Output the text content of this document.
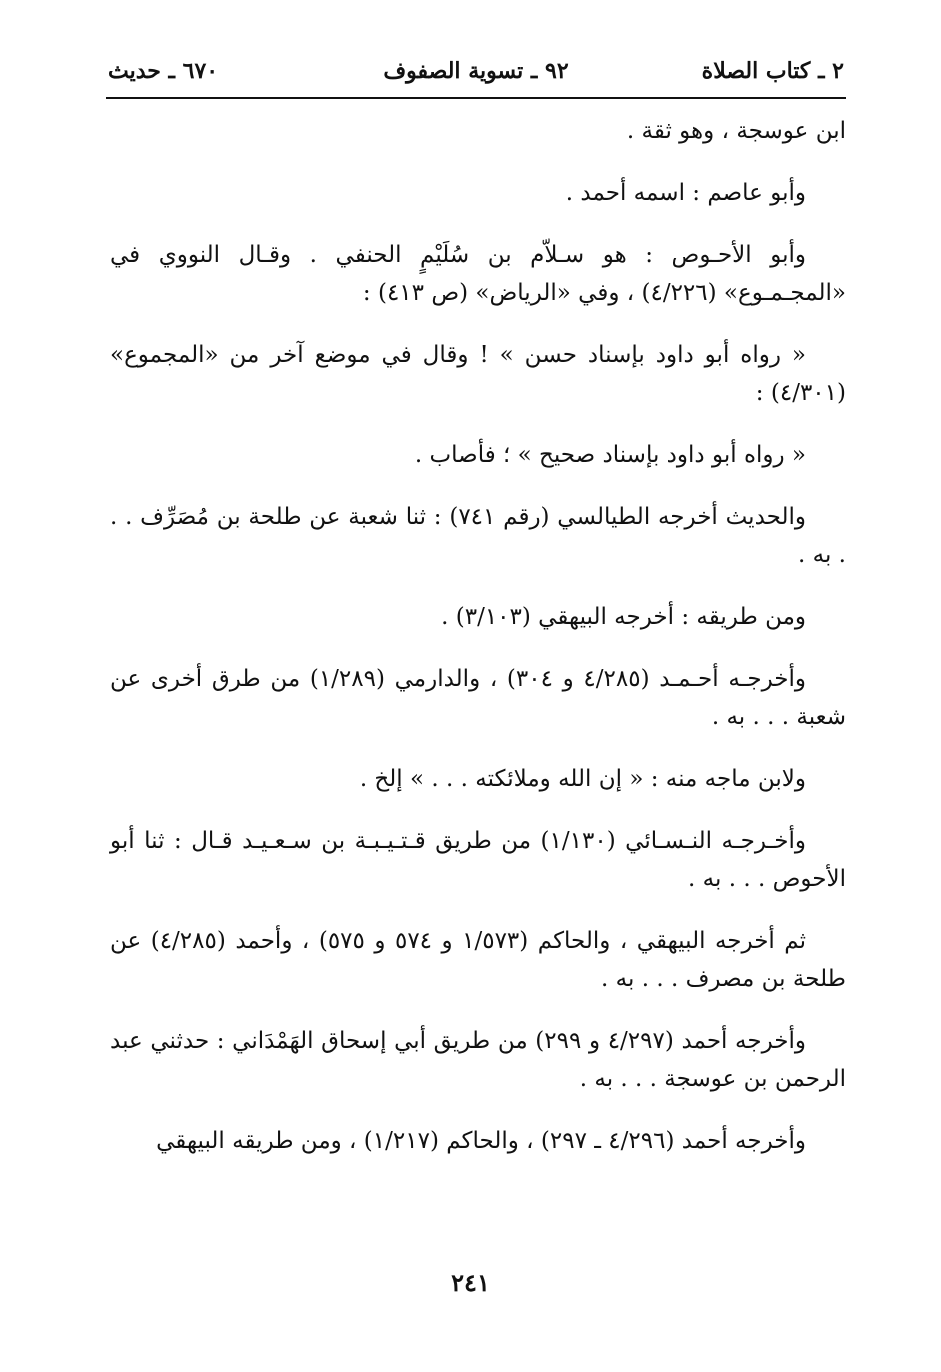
٢ ـ كتاب الصلاة
٩٢ ـ تسوية الصفوف
٦٧٠ ـ حديث

ابن عوسجة ، وهو ثقة .

وأبو عاصم : اسمه أحمد .

وأبو الأحـوص : هو سـلاّم بن سُلَيْمٍ الحنفي . وقـال النووي في «المجـمـوع» (٤/٢٢٦) ، وفي «الرياض» (ص ٤١٣) :

« رواه أبو داود بإسناد حسن » ! وقال في موضع آخر من «المجموع» (٤/٣٠١) :

« رواه أبو داود بإسناد صحيح » ؛ فأصاب .

والحديث أخرجه الطيالسي (رقم ٧٤١) : ثنا شعبة عن طلحة بن مُصَرِّف . . . به .

ومن طريقه : أخرجه البيهقي (٣/١٠٣) .

وأخرجـه أحـمـد (٤/٢٨٥ و ٣٠٤) ، والدارمي (١/٢٨٩) من طرق أخرى عن شعبة . . . به .

ولابن ماجه منه : « إن الله وملائكته . . . » إلخ .

وأخـرجـه النـسـائي (١/١٣٠) من طريق قـتـيـبـة بن سـعـيـد قـال : ثنا أبو الأحوص . . . به .

ثم أخرجه البيهقي ، والحاكم (١/٥٧٣ و ٥٧٤ و ٥٧٥) ، وأحمد (٤/٢٨٥) عن طلحة بن مصرف . . . به .

وأخرجه أحمد (٤/٢٩٧ و ٢٩٩) من طريق أبي إسحاق الهَمْدَاني : حدثني عبد الرحمن بن عوسجة . . . به .

وأخرجه أحمد (٤/٢٩٦ ـ ٢٩٧) ، والحاكم (١/٢١٧) ، ومن طريقه البيهقي

٢٤١
